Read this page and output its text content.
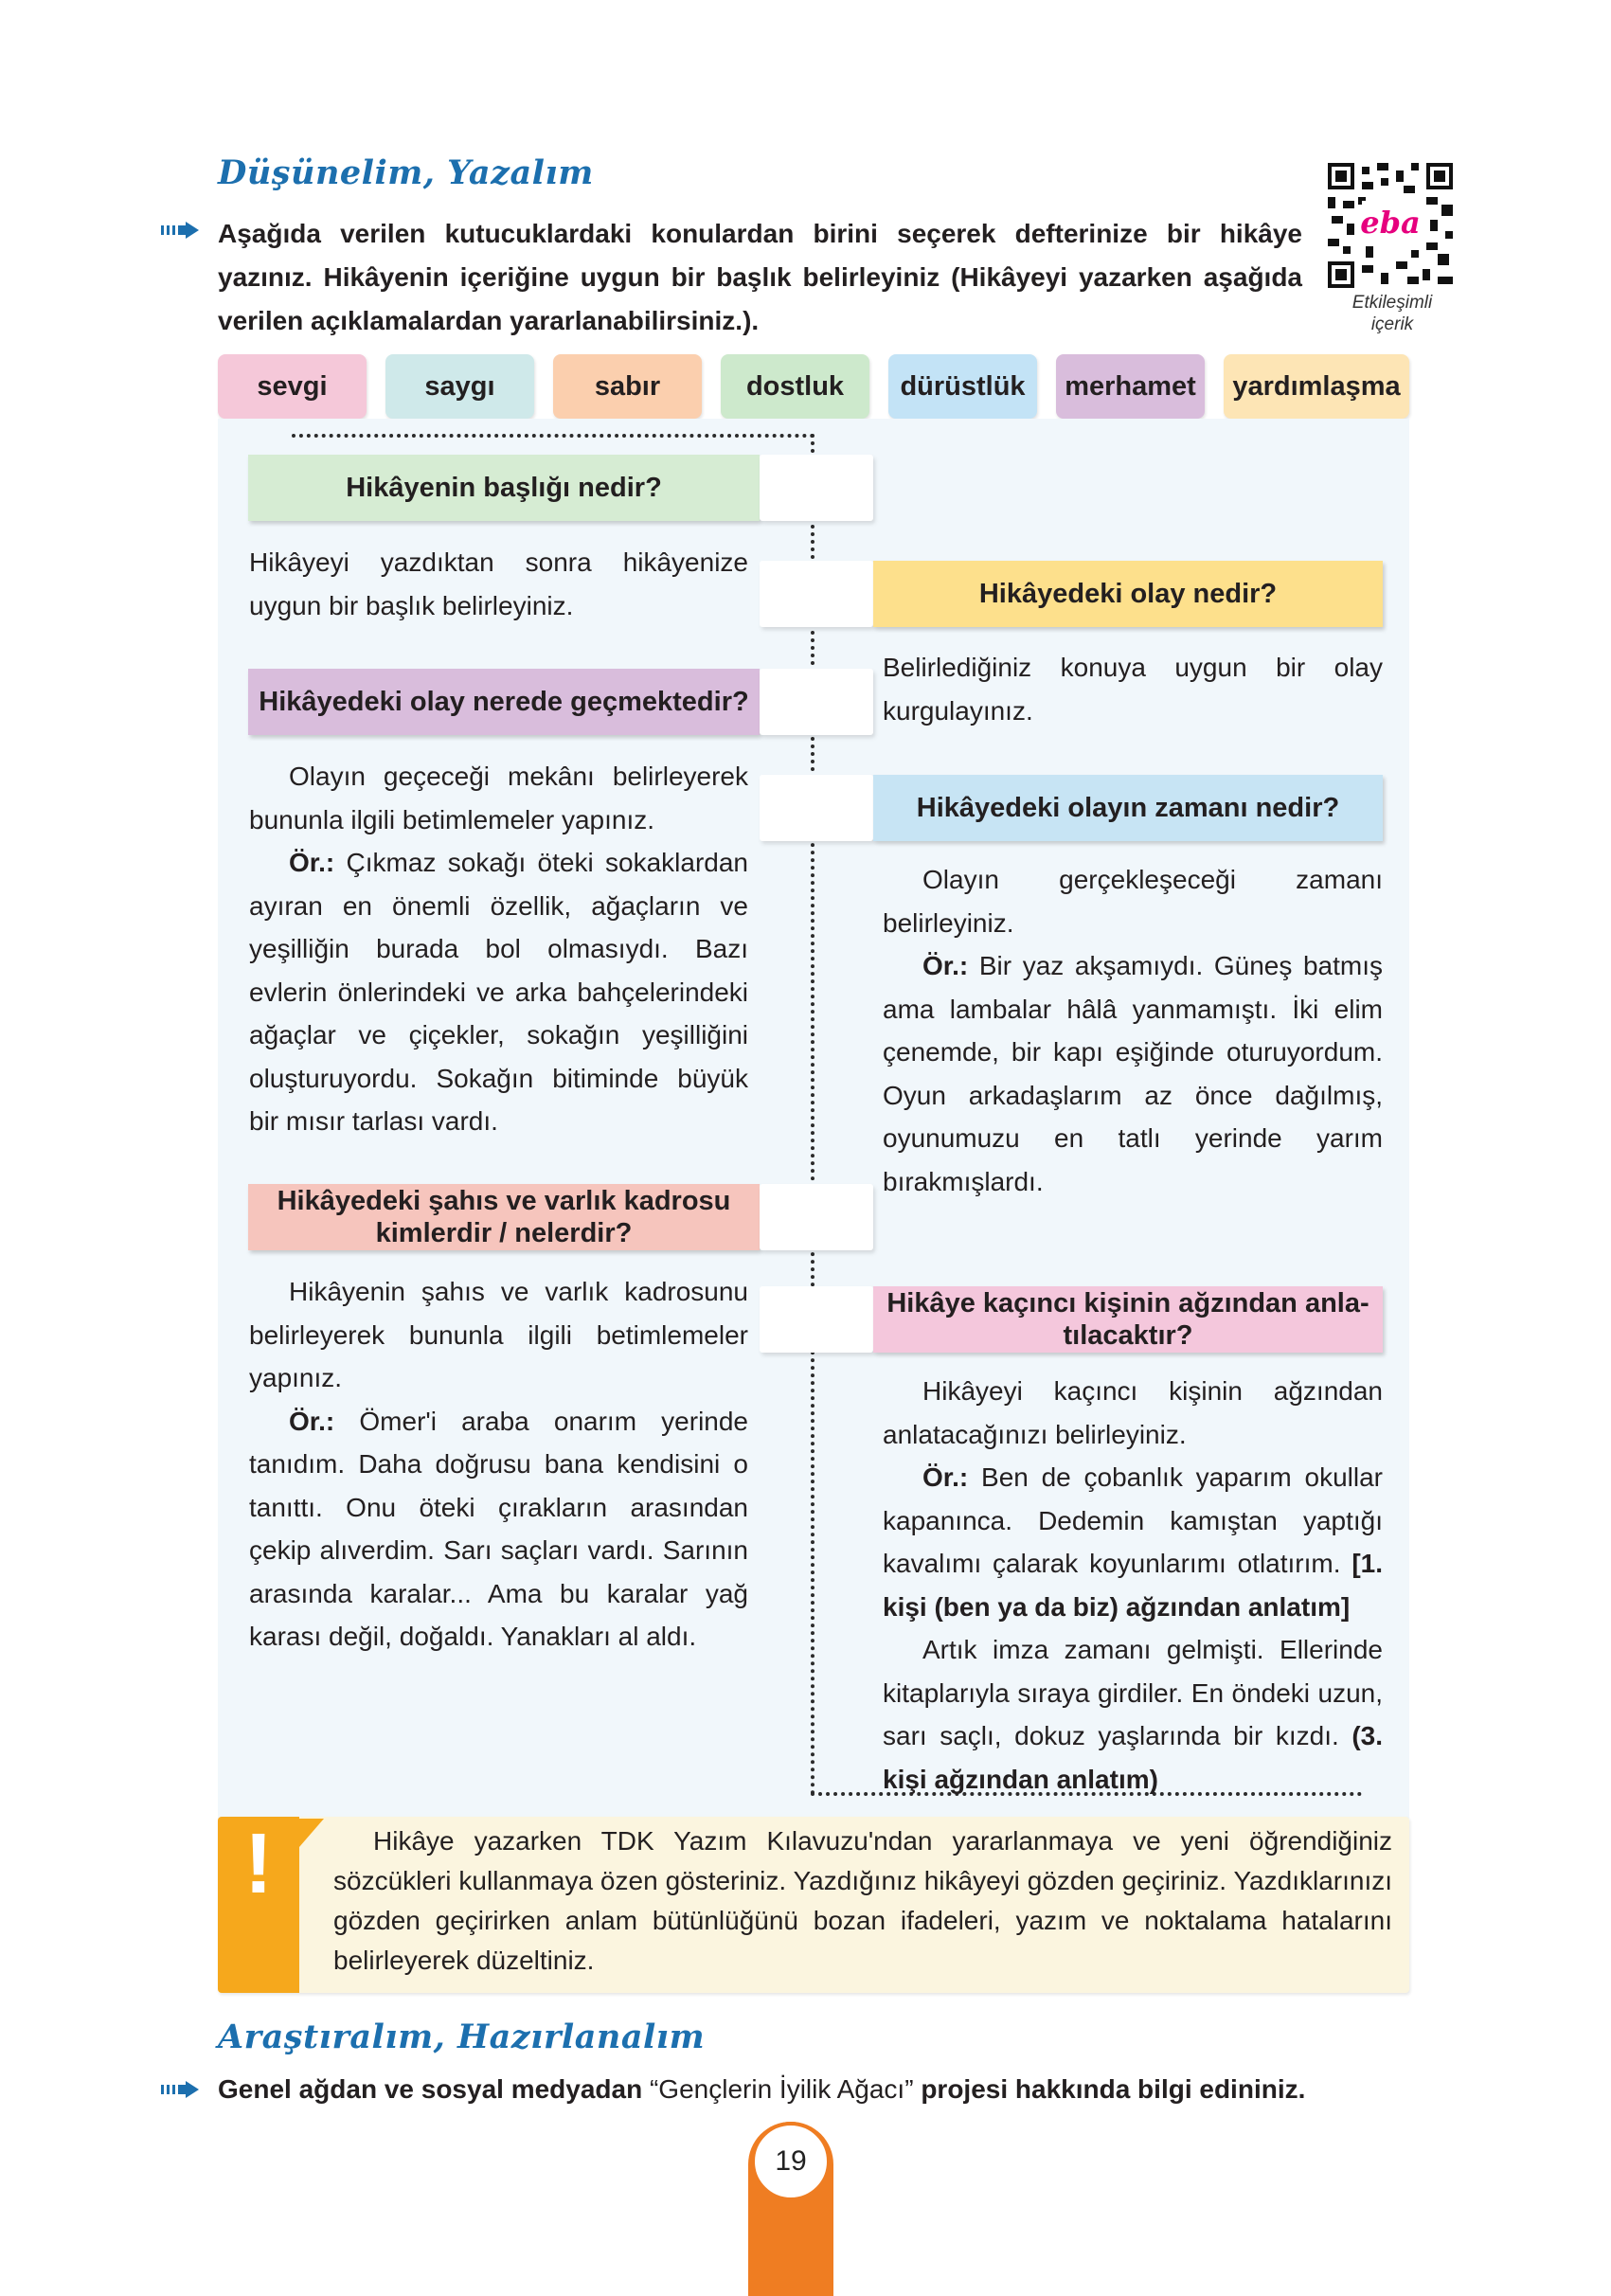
Düşünelim, Yazalım
Aşağıda verilen kutucuklardaki konulardan birini seçerek defterinize bir hikâye yazınız. Hikâyenin içeriğine uygun bir başlık belirleyiniz (Hikâyeyi yazarken aşağıda verilen açıklamalardan yararlanabilirsiniz.).
eba
Etkileşimli
içerik
sevgi	saygı	sabır	dostluk	dürüstlük	merhamet	yardımlaşma
Hikâyenin başlığı nedir?
Hikâyeyi yazdıktan sonra hikâyenize uygun bir başlık belirleyiniz.
Hikâyedeki olay nerede geçmektedir?

Olayın geçeceği mekânı belirleyerek bununla ilgili betimlemeler yapınız.

Ör.: Çıkmaz sokağı öteki sokaklardan ayıran en önemli özellik, ağaçların ve yeşilliğin burada bol olmasıydı. Bazı evlerin önlerindeki ve arka bahçelerindeki ağaçlar ve çiçekler, sokağın yeşilliğini oluşturuyordu. Sokağın bitiminde büyük bir mısır tarlası vardı.

Hikâyedeki şahıs ve varlık kadrosu
kimlerdir / nelerdir?

Hikâyenin şahıs ve varlık kadrosunu belirleyerek bununla ilgili betimlemeler yapınız.

Ör.: Ömer'i araba onarım yerinde tanıdım. Daha doğrusu bana kendisini o tanıttı. Onu öteki çırakların arasından çekip alıverdim. Sarı saçları vardı. Sarının arasında karalar... Ama bu karalar yağ karası değil, doğaldı. Yanakları al aldı.

Hikâyedeki olay nedir?
Belirlediğiniz konuya uygun bir olay kurgulayınız.
Hikâyedeki olayın zamanı nedir?

Olayın gerçekleşeceği zamanı belirleyiniz.

Ör.: Bir yaz akşamıydı. Güneş batmış ama lambalar hâlâ yanmamıştı. İki elim çenemde, bir kapı eşiğinde oturuyordum. Oyun arkadaşlarım az önce dağılmış, oyunumuzu en tatlı yerinde yarım bırakmışlardı.

Hikâye kaçıncı kişinin ağzından anla-
tılacaktır?

Hikâyeyi kaçıncı kişinin ağzından anlatacağınızı belirleyiniz.

Ör.: Ben de çobanlık yaparım okullar kapanınca. Dedemin kamıştan yaptığı kavalımı çalarak koyunlarımı otlatırım. [1. kişi (ben ya da biz) ağzından anlatım]

Artık imza zamanı gelmişti. Ellerinde kitaplarıyla sıraya girdiler. En öndeki uzun, sarı saçlı, dokuz yaşlarında bir kızdı. (3. kişi ağzından anlatım)

!	Hikâye yazarken TDK Yazım Kılavuzu'ndan yararlanmaya ve yeni öğrendiğiniz sözcükleri kullanmaya özen gösteriniz. Yazdığınız hikâyeyi gözden geçiriniz. Yazdıklarınızı gözden geçirirken anlam bütünlüğünü bozan ifadeleri, yazım ve noktalama hatalarını belirleyerek düzeltiniz.

Araştıralım, Hazırlanalım
Genel ağdan ve sosyal medyadan “Gençlerin İyilik Ağacı” projesi hakkında bilgi edininiz.
19
